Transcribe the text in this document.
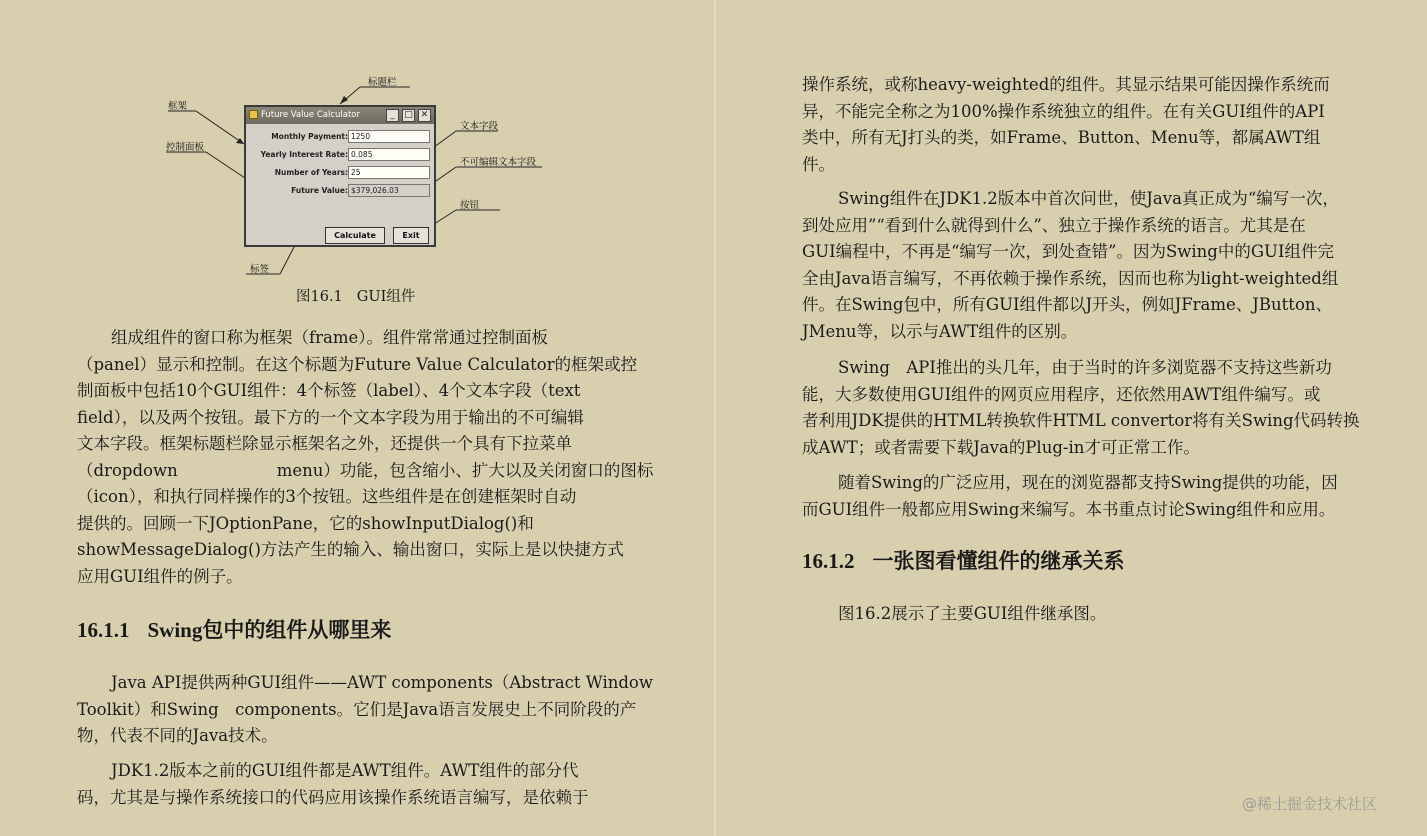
标题栏
框架
控制面板
文本字段
不可编辑文本字段
按钮
标签
Future Value Calculator	_	□ ✕
Monthly Payment: 1250
Yearly Interest Rate: 0.085
Number of Years: 25
Future Value: $379,026.03
Calculate	Exit
图16.1 GUI组件

组成组件的窗口称为框架（frame）。组件常常通过控制面板
（panel）显示和控制。在这个标题为Future Value Calculator的框架或控
制面板中包括10个GUI组件：4个标签（label）、4个文本字段（text
field），以及两个按钮。最下方的一个文本字段为用于输出的不可编辑
文本字段。框架标题栏除显示框架名之外，还提供一个具有下拉菜单
（dropdown　　　　　　menu）功能，包含缩小、扩大以及关闭窗口的图标
（icon），和执行同样操作的3个按钮。这些组件是在创建框架时自动
提供的。回顾一下JOptionPane，它的showInputDialog()和
showMessageDialog()方法产生的输入、输出窗口，实际上是以快捷方式
应用GUI组件的例子。

16.1.1 Swing包中的组件从哪里来

Java API提供两种GUI组件——AWT components（Abstract Window
Toolkit）和Swing　components。它们是Java语言发展史上不同阶段的产
物，代表不同的Java技术。

JDK1.2版本之前的GUI组件都是AWT组件。AWT组件的部分代
码，尤其是与操作系统接口的代码应用该操作系统语言编写，是依赖于

操作系统，或称heavy-weighted的组件。其显示结果可能因操作系统而
异，不能完全称之为100%操作系统独立的组件。在有关GUI组件的API
类中，所有无J打头的类，如Frame、Button、Menu等，都属AWT组
件。

Swing组件在JDK1.2版本中首次问世，使Java真正成为“编写一次，
到处应用”“看到什么就得到什么”、独立于操作系统的语言。尤其是在
GUI编程中，不再是“编写一次，到处查错”。因为Swing中的GUI组件完
全由Java语言编写，不再依赖于操作系统，因而也称为light-weighted组
件。在Swing包中，所有GUI组件都以J开头，例如JFrame、JButton、
JMenu等，以示与AWT组件的区别。

Swing　API推出的头几年，由于当时的许多浏览器不支持这些新功
能，大多数使用GUI组件的网页应用程序，还依然用AWT组件编写。或
者利用JDK提供的HTML转换软件HTML convertor将有关Swing代码转换
成AWT；或者需要下载Java的Plug-in才可正常工作。

随着Swing的广泛应用，现在的浏览器都支持Swing提供的功能，因
而GUI组件一般都应用Swing来编写。本书重点讨论Swing组件和应用。

16.1.2 一张图看懂组件的继承关系

图16.2展示了主要GUI组件继承图。

@稀土掘金技术社区
